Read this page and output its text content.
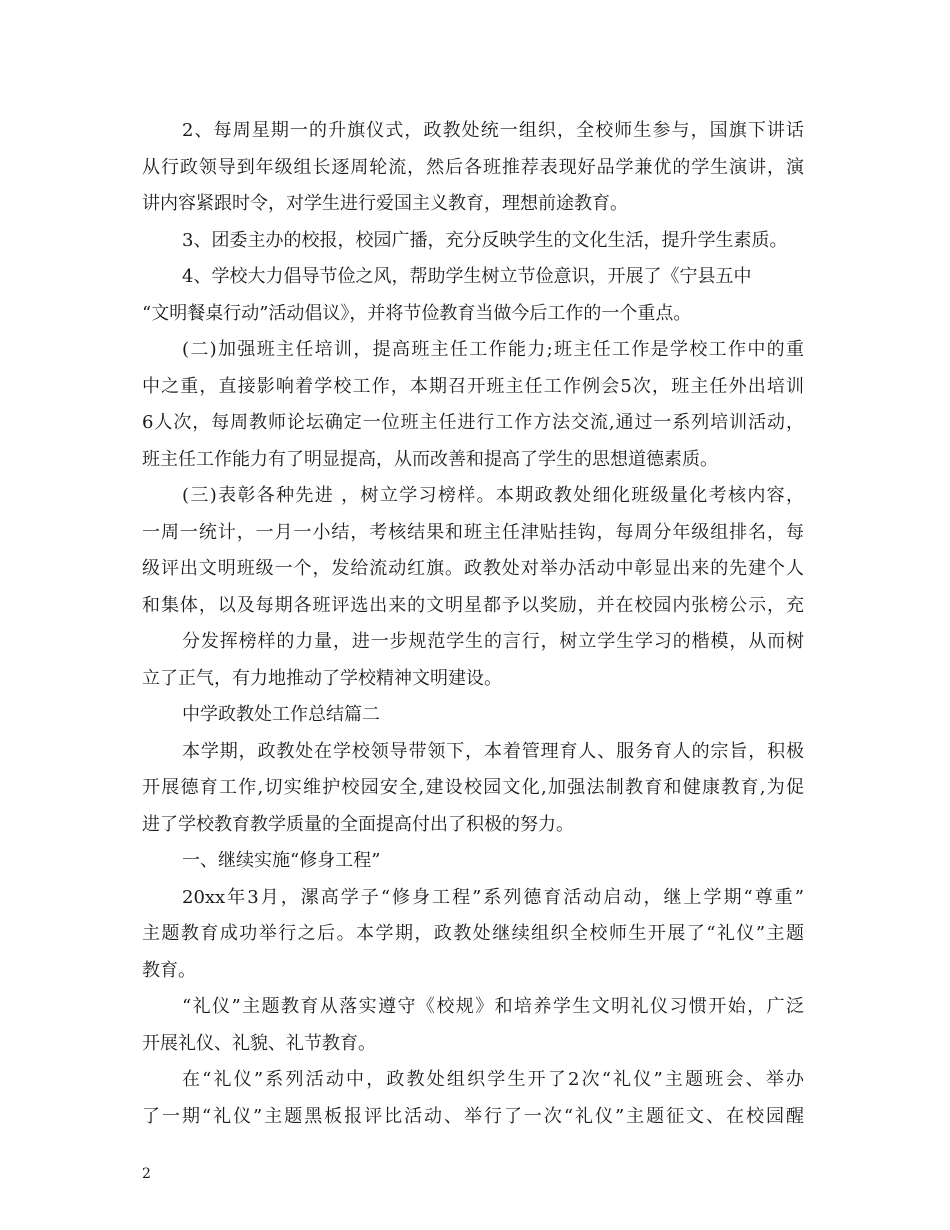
2、每周星期一的升旗仪式，政教处统一组织，全校师生参与，国旗下讲话
从行政领导到年级组长逐周轮流，然后各班推荐表现好品学兼优的学生演讲，演
讲内容紧跟时令，对学生进行爱国主义教育，理想前途教育。
3、团委主办的校报，校园广播，充分反映学生的文化生活，提升学生素质。
4、学校大力倡导节俭之风，帮助学生树立节俭意识，开展了《宁县五中
“文明餐桌行动”活动倡议》，并将节俭教育当做今后工作的一个重点。
(二)加强班主任培训，提高班主任工作能力;班主任工作是学校工作中的重
中之重，直接影响着学校工作，本期召开班主任工作例会5次，班主任外出培训
6人次，每周教师论坛确定一位班主任进行工作方法交流,通过一系列培训活动，
班主任工作能力有了明显提高，从而改善和提高了学生的思想道德素质。
(三)表彰各种先进 ，树立学习榜样。本期政教处细化班级量化考核内容，
一周一统计，一月一小结，考核结果和班主任津贴挂钩，每周分年级组排名，每
级评出文明班级一个，发给流动红旗。政教处对举办活动中彰显出来的先建个人
和集体，以及每期各班评选出来的文明星都予以奖励，并在校园内张榜公示，充
分发挥榜样的力量，进一步规范学生的言行，树立学生学习的楷模，从而树
立了正气，有力地推动了学校精神文明建设。
中学政教处工作总结篇二
本学期，政教处在学校领导带领下，本着管理育人、服务育人的宗旨，积极
开展德育工作,切实维护校园安全,建设校园文化,加强法制教育和健康教育,为促
进了学校教育教学质量的全面提高付出了积极的努力。
一、继续实施“修身工程”
20xx年3月，漯高学子“修身工程”系列德育活动启动，继上学期“尊重”
主题教育成功举行之后。本学期，政教处继续组织全校师生开展了“礼仪”主题
教育。
“礼仪”主题教育从落实遵守《校规》和培养学生文明礼仪习惯开始，广泛
开展礼仪、礼貌、礼节教育。
在“礼仪”系列活动中，政教处组织学生开了2次“礼仪”主题班会、举办
了一期“礼仪”主题黑板报评比活动、举行了一次“礼仪”主题征文、在校园醒
2
